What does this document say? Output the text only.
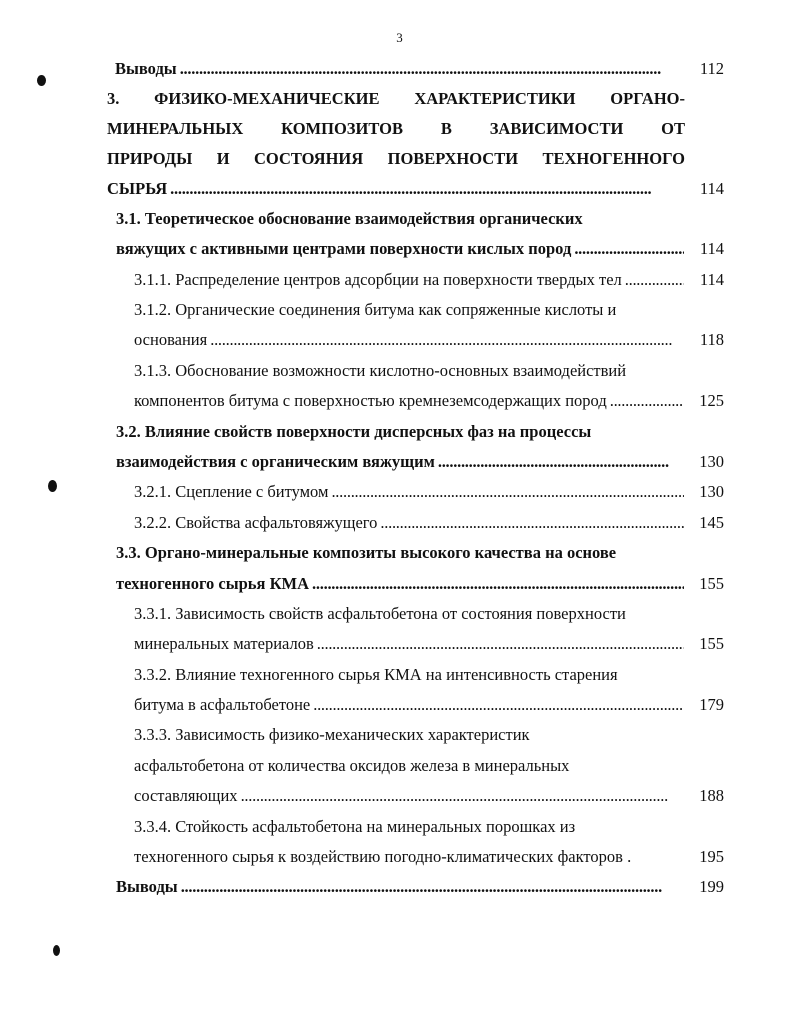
3
Выводы . . .	112
3. ФИЗИКО-МЕХАНИЧЕСКИЕ ХАРАКТЕРИСТИКИ ОРГАНО-
МИНЕРАЛЬНЫХ КОМПОЗИТОВ В ЗАВИСИМОСТИ ОТ
ПРИРОДЫ И СОСТОЯНИЯ ПОВЕРХНОСТИ ТЕХНОГЕННОГО
СЫРЬЯ . . .	114
3.1. Теоретическое обоснование взаимодействия органических
вяжущих с активными центрами поверхности кислых пород . . .	114
3.1.1. Распределение центров адсорбции на поверхности твердых тел . . .	114
3.1.2. Органические соединения битума как сопряженные кислоты и
основания . . .	118
3.1.3. Обоснование возможности кислотно-основных взаимодействий
компонентов битума с поверхностью кремнеземсодержащих пород . . .	125
3.2. Влияние свойств поверхности дисперсных фаз на процессы
взаимодействия с органическим вяжущим . . .	130
3.2.1. Сцепление с битумом . . .	130
3.2.2. Свойства асфальтовяжущего . . .	145
3.3. Органо-минеральные композиты высокого качества на основе
техногенного сырья КМА . . .	155
3.3.1. Зависимость свойств асфальтобетона от состояния поверхности
минеральных материалов . . .	155
3.3.2. Влияние техногенного сырья КМА на интенсивность старения
битума в асфальтобетоне . . .	179
3.3.3. Зависимость физико-механических характеристик
асфальтобетона от количества оксидов железа в минеральных
составляющих . . .	188
3.3.4. Стойкость асфальтобетона на минеральных порошках из
техногенного сырья к воздействию погодно-климатических факторов .	195
Выводы . . .	199
